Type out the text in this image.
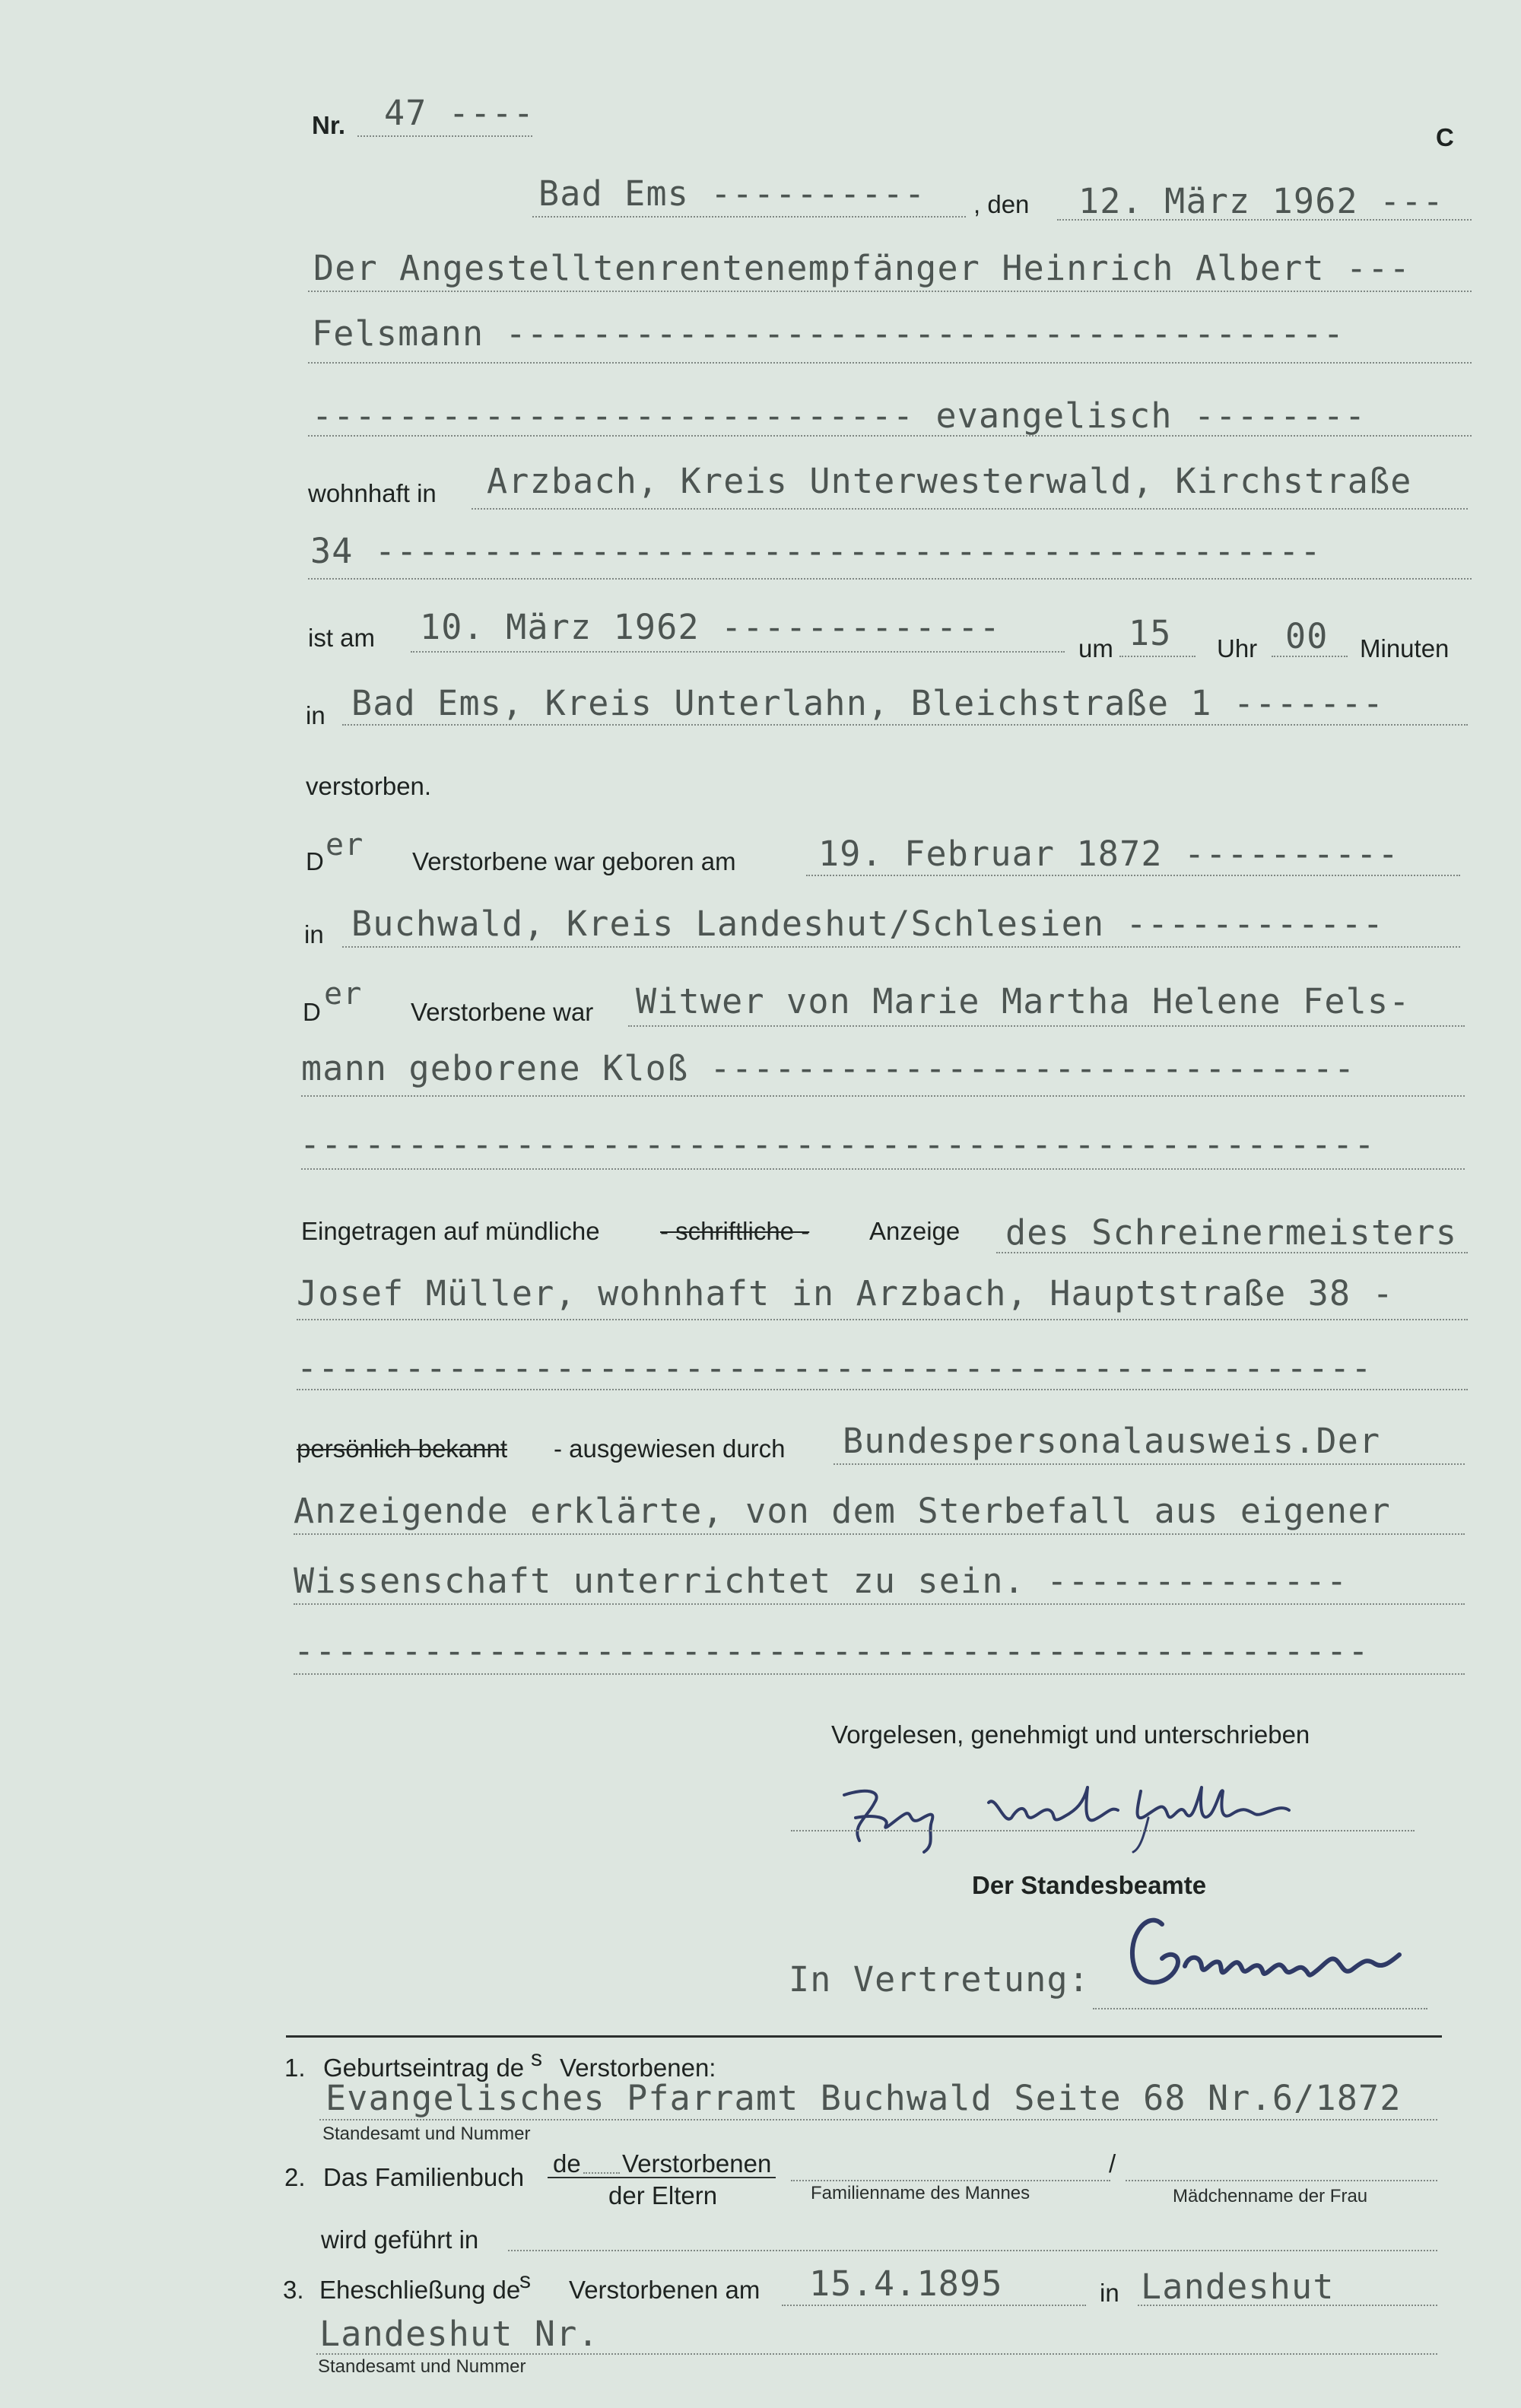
Nr. 47 ----
C
Bad Ems ---------- , den 12. März 1962 ---
Der Angestelltenrentenempfänger Heinrich Albert ---
Felsmann ---------------------------------------
---------------------------- evangelisch --------
wohnhaft in Arzbach, Kreis Unterwesterwald, Kirchstraße
34 --------------------------------------------
ist am 10. März 1962 -------------
um 15 Uhr 00 Minuten
in Bad Ems, Kreis Unterlahn, Bleichstraße 1 -------
verstorben.
D er Verstorbene war geboren am 19. Februar 1872 ----------
in Buchwald, Kreis Landeshut/Schlesien ------------
D
er
Verstorbene war Witwer von Marie Martha Helene Fels-
mann geborene Kloß ------------------------------
--------------------------------------------------
Eingetragen auf mündliche - schriftliche - Anzeige des Schreinermeisters
Josef Müller, wohnhaft in Arzbach, Hauptstraße 38 -
--------------------------------------------------
persönlich bekannt - ausgewiesen durch Bundespersonalausweis.Der
Anzeigende erklärte, von dem Sterbefall aus eigener
Wissenschaft unterrichtet zu sein. --------------
--------------------------------------------------
Vorgelesen, genehmigt und unterschrieben
Der Standesbeamte
In Vertretung:
1. Geburtseintrag de s Verstorbenen:
Evangelisches Pfarramt Buchwald Seite 68 Nr.6/1872
Standesamt und Nummer
2. Das Familienbuch de Verstorbenen
der Eltern
/
Familienname des Mannes	Mädchenname der Frau
wird geführt in
3. Eheschließung de
s Verstorbenen am 15.4.1895	in Landeshut
Landeshut Nr.
Standesamt und Nummer
